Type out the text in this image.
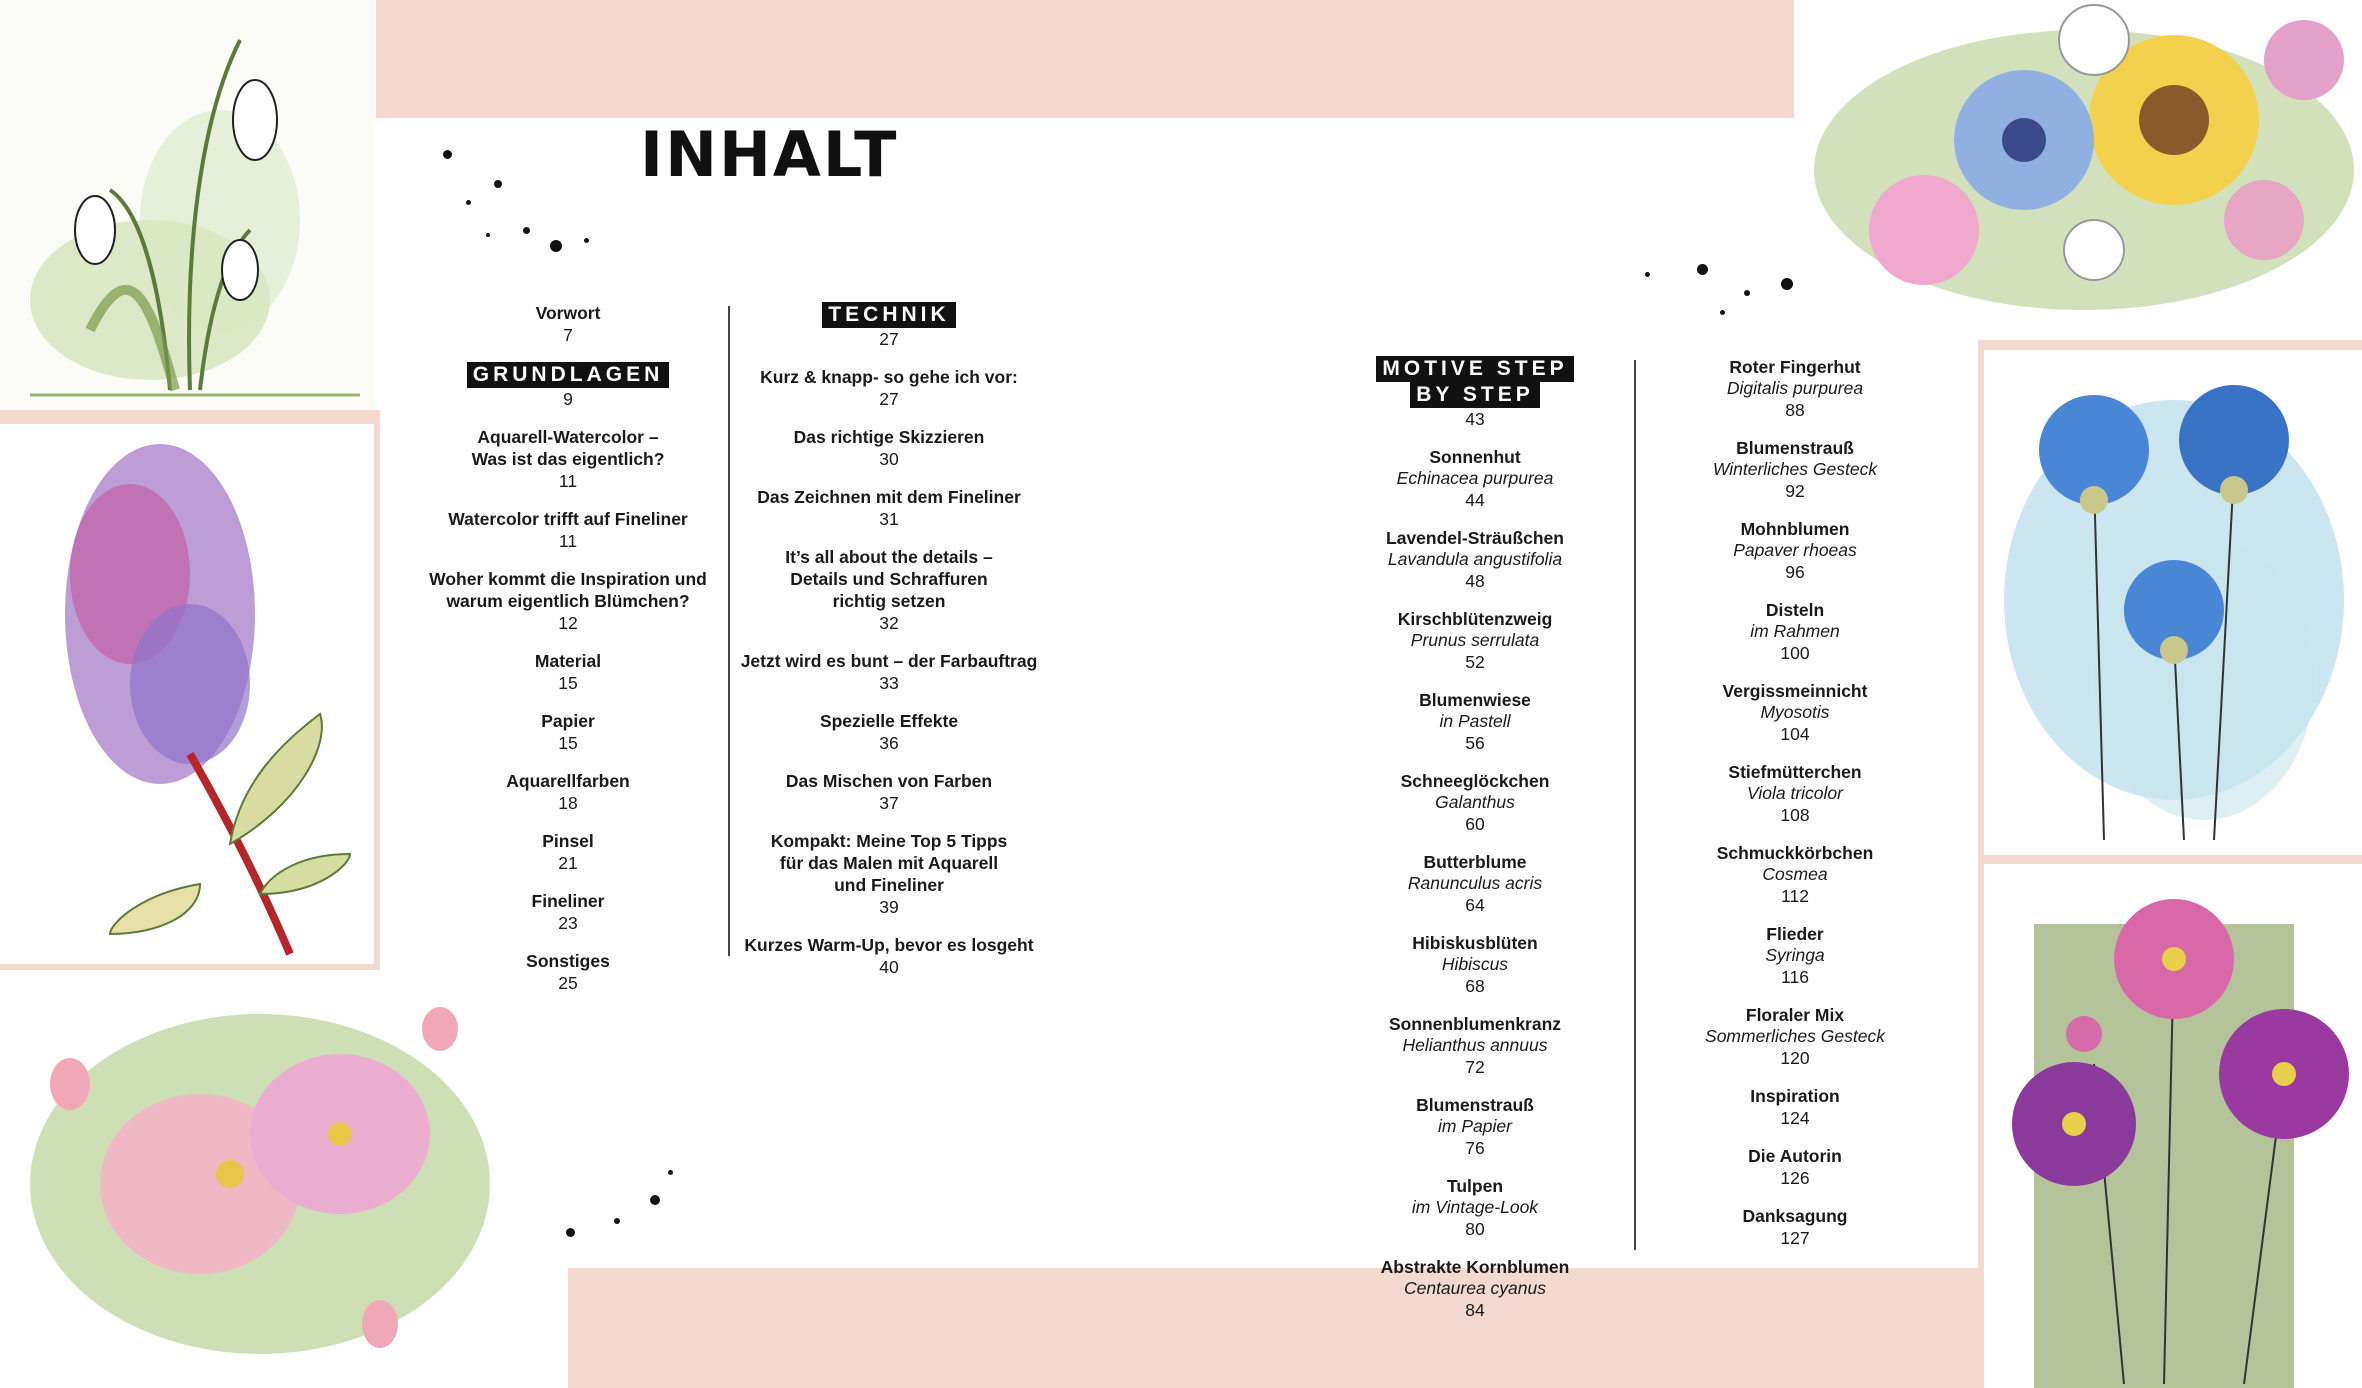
INHALT
Vorwort
7
GRUNDLAGEN
9
Aquarell-Watercolor –
Was ist das eigentlich?
11
Watercolor trifft auf Fineliner
11
Woher kommt die Inspiration und
warum eigentlich Blümchen?
12
Material
15
Papier
15
Aquarellfarben
18
Pinsel
21
Fineliner
23
Sonstiges
25
TECHNIK
27
Kurz & knapp- so gehe ich vor:
27
Das richtige Skizzieren
30
Das Zeichnen mit dem Fineliner
31
It’s all about the details –
Details und Schraffuren
richtig setzen
32
Jetzt wird es bunt – der Farbauftrag
33
Spezielle Effekte
36
Das Mischen von Farben
37
Kompakt: Meine Top 5 Tipps
für das Malen mit Aquarell
und Fineliner
39
Kurzes Warm-Up, bevor es losgeht
40
MOTIVE STEP
BY STEP
43
Sonnenhut
Echinacea purpurea
44
Lavendel-Sträußchen
Lavandula angustifolia
48
Kirschblütenzweig
Prunus serrulata
52
Blumenwiese
in Pastell
56
Schneeglöckchen
Galanthus
60
Butterblume
Ranunculus acris
64
Hibiskusblüten
Hibiscus
68
Sonnenblumenkranz
Helianthus annuus
72
Blumenstrauß
im Papier
76
Tulpen
im Vintage-Look
80
Abstrakte Kornblumen
Centaurea cyanus
84
Roter Fingerhut
Digitalis purpurea
88
Blumenstrauß
Winterliches Gesteck
92
Mohnblumen
Papaver rhoeas
96
Disteln
im Rahmen
100
Vergissmeinnicht
Myosotis
104
Stiefmütterchen
Viola tricolor
108
Schmuckkörbchen
Cosmea
112
Flieder
Syringa
116
Floraler Mix
Sommerliches Gesteck
120
Inspiration
124
Die Autorin
126
Danksagung
127
